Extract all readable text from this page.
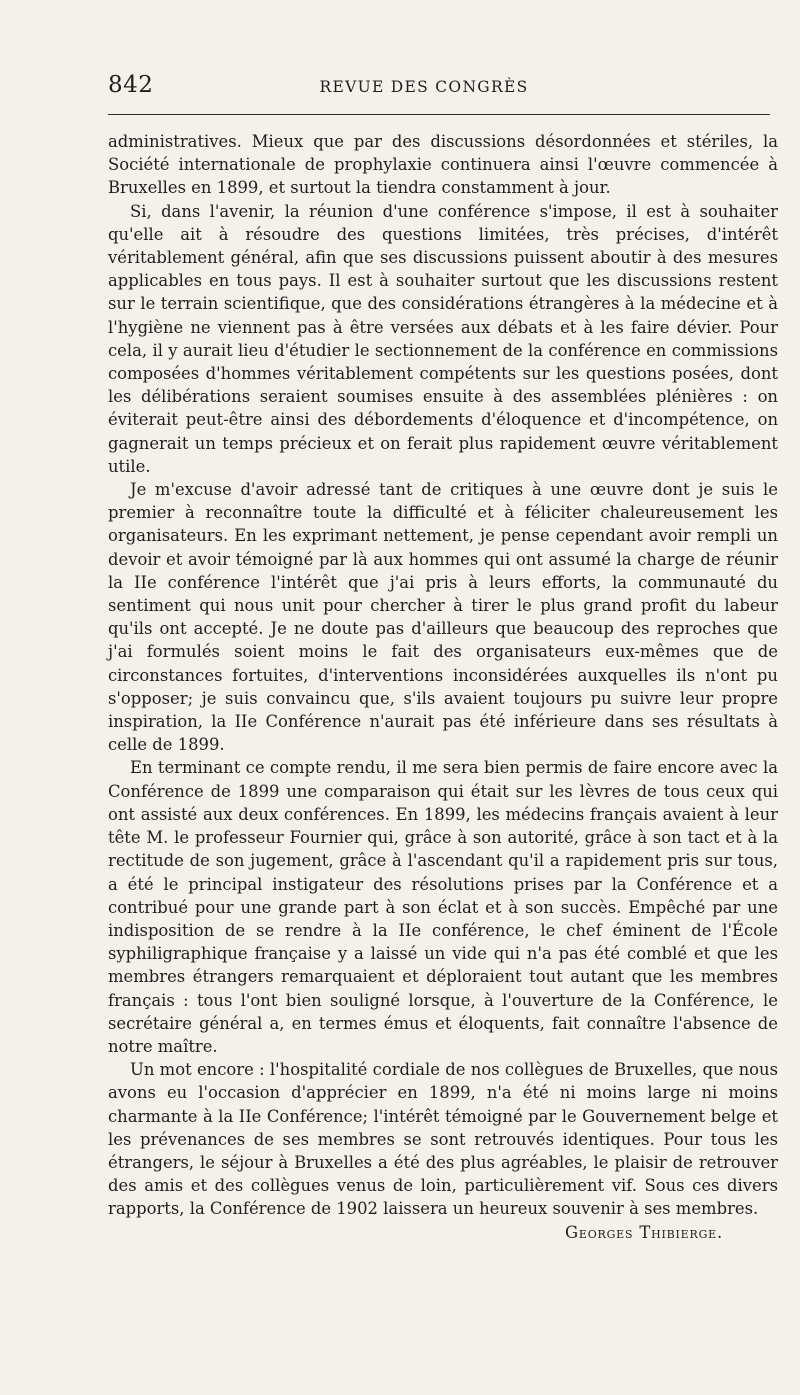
842	REVUE DES CONGRÈS

administratives. Mieux que par des discussions désordonnées et stériles, la Société internationale de prophylaxie continuera ainsi l'œuvre commencée à Bruxelles en 1899, et surtout la tiendra constamment à jour.

Si, dans l'avenir, la réunion d'une conférence s'impose, il est à souhaiter qu'elle ait à résoudre des questions limitées, très précises, d'intérêt véritablement général, afin que ses discussions puissent aboutir à des mesures applicables en tous pays. Il est à souhaiter surtout que les discussions restent sur le terrain scientifique, que des considérations étrangères à la médecine et à l'hygiène ne viennent pas à être versées aux débats et à les faire dévier. Pour cela, il y aurait lieu d'étudier le sectionnement de la conférence en commissions composées d'hommes véritablement compétents sur les questions posées, dont les délibérations seraient soumises ensuite à des assemblées plénières : on éviterait peut-être ainsi des débordements d'éloquence et d'incompétence, on gagnerait un temps précieux et on ferait plus rapidement œuvre véritablement utile.

Je m'excuse d'avoir adressé tant de critiques à une œuvre dont je suis le premier à reconnaître toute la difficulté et à féliciter chaleureusement les organisateurs. En les exprimant nettement, je pense cependant avoir rempli un devoir et avoir témoigné par là aux hommes qui ont assumé la charge de réunir la IIe conférence l'intérêt que j'ai pris à leurs efforts, la communauté du sentiment qui nous unit pour chercher à tirer le plus grand profit du labeur qu'ils ont accepté. Je ne doute pas d'ailleurs que beaucoup des reproches que j'ai formulés soient moins le fait des organisateurs eux-mêmes que de circonstances fortuites, d'interventions inconsidérées auxquelles ils n'ont pu s'opposer; je suis convaincu que, s'ils avaient toujours pu suivre leur propre inspiration, la IIe Conférence n'aurait pas été inférieure dans ses résultats à celle de 1899.

En terminant ce compte rendu, il me sera bien permis de faire encore avec la Conférence de 1899 une comparaison qui était sur les lèvres de tous ceux qui ont assisté aux deux conférences. En 1899, les médecins français avaient à leur tête M. le professeur Fournier qui, grâce à son autorité, grâce à son tact et à la rectitude de son jugement, grâce à l'ascendant qu'il a rapidement pris sur tous, a été le principal instigateur des résolutions prises par la Conférence et a contribué pour une grande part à son éclat et à son succès. Empêché par une indisposition de se rendre à la IIe conférence, le chef éminent de l'École syphiligraphique française y a laissé un vide qui n'a pas été comblé et que les membres étrangers remarquaient et déploraient tout autant que les membres français : tous l'ont bien souligné lorsque, à l'ouverture de la Conférence, le secrétaire général a, en termes émus et éloquents, fait connaître l'absence de notre maître.

Un mot encore : l'hospitalité cordiale de nos collègues de Bruxelles, que nous avons eu l'occasion d'apprécier en 1899, n'a été ni moins large ni moins charmante à la IIe Conférence; l'intérêt témoigné par le Gouvernement belge et les prévenances de ses membres se sont retrouvés identiques. Pour tous les étrangers, le séjour à Bruxelles a été des plus agréables, le plaisir de retrouver des amis et des collègues venus de loin, particulièrement vif. Sous ces divers rapports, la Conférence de 1902 laissera un heureux souvenir à ses membres.

Georges Thibierge.
